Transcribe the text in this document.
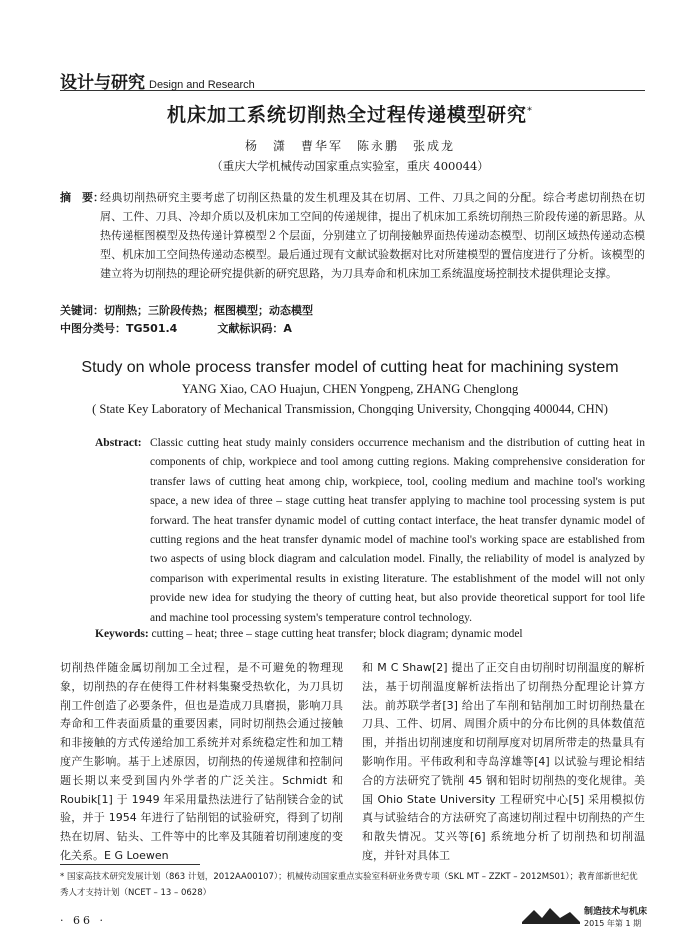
设计与研究 Design and Research
机床加工系统切削热全过程传递模型研究*
杨　潇　曹华军　陈永鹏　张成龙
（重庆大学机械传动国家重点实验室，重庆 400044）
摘　要：
经典切削热研究主要考虑了切削区热量的发生机理及其在切屑、工件、刀具之间的分配。综合考虑切削热在切屑、工件、刀具、冷却介质以及机床加工空间的传递规律，提出了机床加工系统切削热三阶段传递的新思路。从热传递框图模型及热传递计算模型２个层面，分别建立了切削接触界面热传递动态模型、切削区域热传递动态模型、机床加工空间热传递动态模型。最后通过现有文献试验数据对比对所建模型的置信度进行了分析。该模型的建立将为切削热的理论研究提供新的研究思路，为刀具寿命和机床加工系统温度场控制技术提供理论支撑。
关键词：切削热；三阶段传热；框图模型；动态模型
中图分类号：TG501.4	文献标识码：A
Study on whole process transfer model of cutting heat for machining system
YANG Xiao, CAO Huajun, CHEN Yongpeng, ZHANG Chenglong
( State Key Laboratory of Mechanical Transmission, Chongqing University, Chongqing 400044, CHN)
Abstract: Classic cutting heat study mainly considers occurrence mechanism and the distribution of cutting heat in components of chip, workpiece and tool among cutting regions. Making comprehensive consideration for transfer laws of cutting heat among chip, workpiece, tool, cooling medium and machine tool's working space, a new idea of three – stage cutting heat transfer applying to machine tool processing system is put forward. The heat transfer dynamic model of cutting contact interface, the heat transfer dynamic model of cutting regions and the heat transfer dynamic model of machine tool's working space are established from two aspects of using block diagram and calculation model. Finally, the reliability of model is analyzed by comparison with experimental results in existing literature. The establishment of the model will not only provide new idea for studying the theory of cutting heat, but also provide theoretical support for tool life and machine tool processing system's temperature control technology.
Keywords: cutting – heat; three – stage cutting heat transfer; block diagram; dynamic model
切削热伴随金属切削加工全过程，是不可避免的物理现象，切削热的存在使得工件材料集聚受热软化，为刀具切削工件创造了必要条件，但也是造成刀具磨损，影响刀具寿命和工件表面质量的重要因素，同时切削热会通过接触和非接触的方式传递给加工系统并对系统稳定性和加工精度产生影响。基于上述原因，切削热的传递规律和控制问题长期以来受到国内外学者的广泛关注。Schmidt 和 Roubik[1] 于 1949 年采用量热法进行了钻削镁合金的试验，并于 1954 年进行了钻削铝的试验研究，得到了切削热在切屑、钻头、工件等中的比率及其随着切削速度的变化关系。E G Loewen
和 M C Shaw[2] 提出了正交自由切削时切削温度的解析法，基于切削温度解析法指出了切削热分配理论计算方法。前苏联学者[3] 给出了车削和钻削加工时切削热量在刀具、工件、切屑、周围介质中的分布比例的具体数值范围，并指出切削速度和切削厚度对切屑所带走的热量具有影响作用。平伟政利和寺岛淳雄等[4] 以试验与理论相结合的方法研究了铣削 45 钢和铝时切削热的变化规律。美国 Ohio State University 工程研究中心[5] 采用模拟仿真与试验结合的方法研究了高速切削过程中切削热的产生和散失情况。艾兴等[6] 系统地分析了切削热和切削温度，并针对具体工
* 国家高技术研究发展计划（863 计划，2012AA00107）；机械传动国家重点实验室科研业务费专项（SKL MT – ZZKT – 2012MS01）；教育部新世纪优秀人才支持计划（NCET – 13 – 0628）
· 66 ·
制造技术与机床
2015 年第 1 期
